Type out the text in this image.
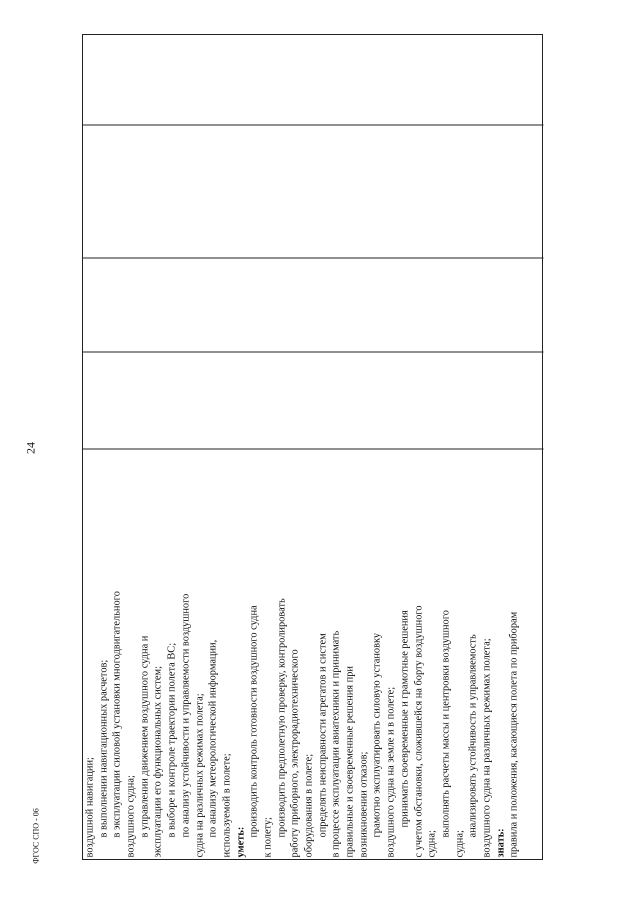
24
ФГОС СПО - 06	воздушной навигации; в выполнении навигационных расчетов; в эксплуатации силовой установки многодвигательного воздушного судна; в управлении движением воздушного судна и эксплуатации его функциональных систем; в выборе и контроле траектории полета ВС; по анализу устойчивости и управляемости воздушного судна на различных режимах полета; по анализу метеорологической информации, используемой в полете; уметь:
производить контроль готовности воздушного судна к полету; производить предполетную проверку, контролировать работу приборного, электрорадиотехнического оборудования в полете; определять неисправности агрегатов и систем в процессе эксплуатации авиатехники и принимать правильные и своевременные решения при возникновении отказов; грамотно эксплуатировать силовую установку воздушного судна на земле и в полете; принимать своевременные и грамотные решения с учетом обстановки, сложившейся на борту воздушного судна;
выполнять расчеты массы и центровки воздушного
судна;
анализировать устойчивость и управляемость воздушного судна на различных режимах полета; знать: правила и положения, касающиеся полета по приборам
